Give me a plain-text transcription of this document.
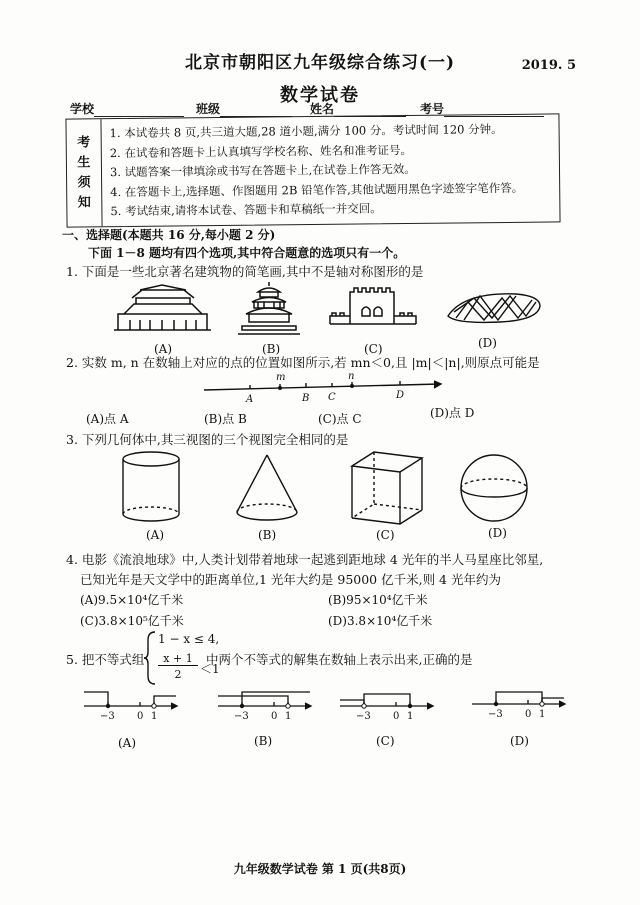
北京市朝阳区九年级综合练习(一)	2019. 5
数学试卷
学校	班级	姓名	考号
考
生
须
知
1. 本试卷共 8 页,共三道大题,28 道小题,满分 100 分。考试时间 120 分钟。
2. 在试卷和答题卡上认真填写学校名称、姓名和准考证号。
3. 试题答案一律填涂或书写在答题卡上,在试卷上作答无效。
4. 在答题卡上,选择题、作图题用 2B 铅笔作答,其他试题用黑色字迹签字笔作答。
5. 考试结束,请将本试卷、答题卡和草稿纸一并交回。
一、选择题(本题共 16 分,每小题 2 分)
下面 1－8 题均有四个选项,其中符合题意的选项只有一个。
1. 下面是一些北京著名建筑物的简笔画,其中不是轴对称图形的是
(A)	(B)	(C)	(D)
2. 实数 m, n 在数轴上对应的点的位置如图所示,若 mn＜0,且 |m|＜|n|,则原点可能是
m	n
A	B C	D
(A)点 A	(B)点 B	(C)点 C	(D)点 D
3. 下列几何体中,其三视图的三个视图完全相同的是
(A)	(B)	(C)	(D)
4. 电影《流浪地球》中,人类计划带着地球一起逃到距地球 4 光年的半人马星座比邻星,
已知光年是天文学中的距离单位,1 光年大约是 95000 亿千米,则 4 光年约为
(A)9.5×10⁴亿千米	(B)95×10⁴亿千米
(C)3.8×10⁵亿千米	(D)3.8×10⁴亿千米
5. 把不等式组
1 − x ≤ 4,
x + 1
2	＜1
中两个不等式的解集在数轴上表示出来,正确的是
−3 0 1	−3 0 1	−3 0 1	−3 0 1
(A)	(B)	(C)	(D)
九年级数学试卷 第 1 页(共8页)
